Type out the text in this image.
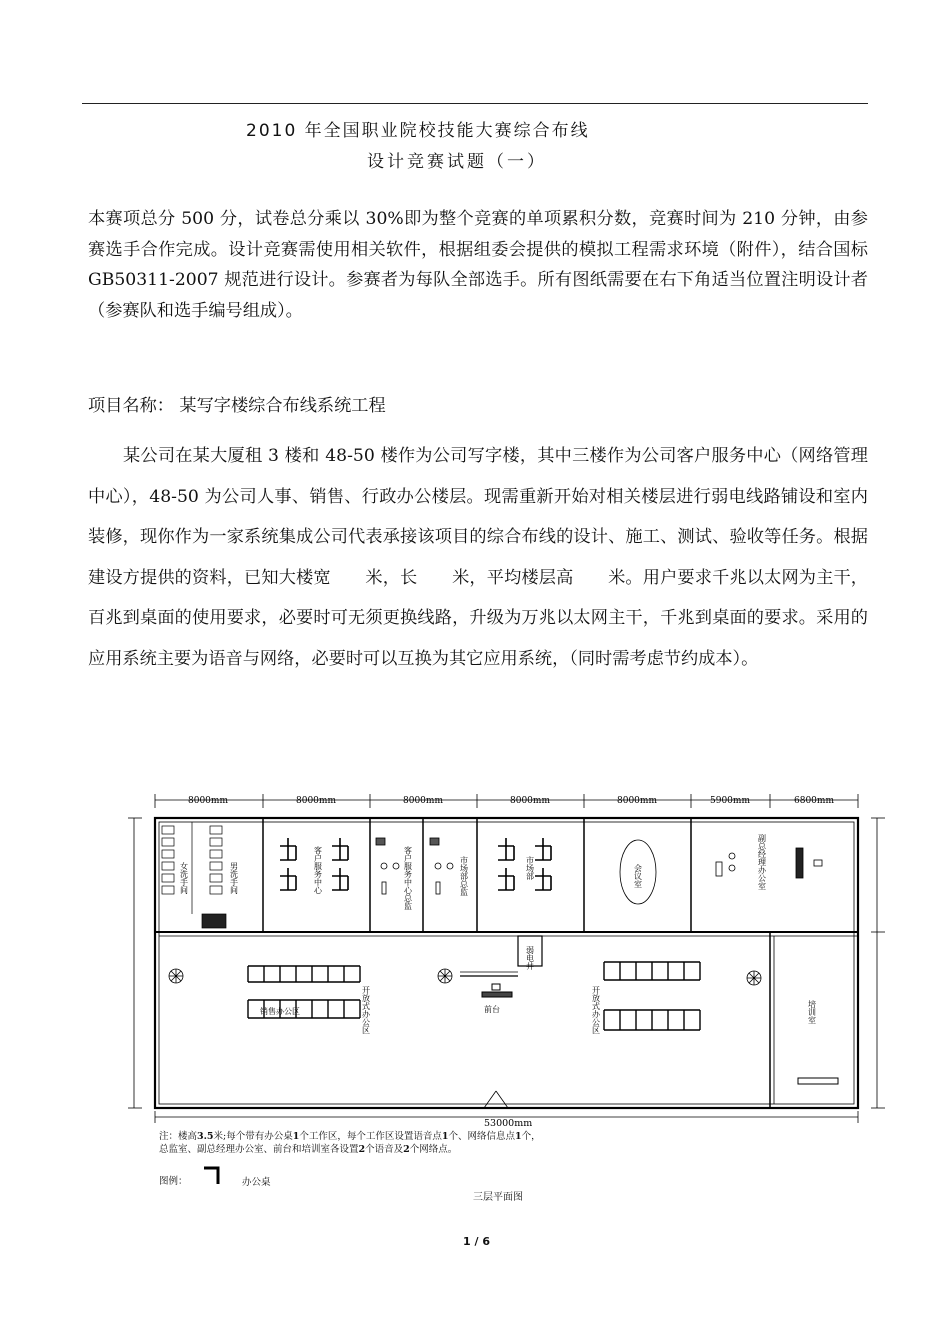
2010 年全国职业院校技能大赛综合布线
设计竞赛试题（一）
本赛项总分 500 分，试卷总分乘以 30%即为整个竞赛的单项累积分数，竞赛时间为 210 分钟，由参赛选手合作完成。设计竞赛需使用相关软件，根据组委会提供的模拟工程需求环境（附件），结合国标 GB50311-2007 规范进行设计。参赛者为每队全部选手。所有图纸需要在右下角适当位置注明设计者（参赛队和选手编号组成）。
项目名称： 某写字楼综合布线系统工程
某公司在某大厦租 3 楼和 48-50 楼作为公司写字楼，其中三楼作为公司客户服务中心（网络管理中心），48-50 为公司人事、销售、行政办公楼层。现需重新开始对相关楼层进行弱电线路铺设和室内装修，现你作为一家系统集成公司代表承接该项目的综合布线的设计、施工、测试、验收等任务。根据建设方提供的资料，已知大楼宽　　米，长　　米，平均楼层高　　米。用户要求千兆以太网为主干，百兆到桌面的使用要求，必要时可无须更换线路，升级为万兆以太网主干，千兆到桌面的要求。采用的应用系统主要为语音与网络，必要时可以互换为其它应用系统，（同时需考虑节约成本）。
8000mm	8000mm	8000mm	8000mm	8000mm	5900mm	6800mm
女洗手间	男洗手间	客户服务中心	客户服务中心总监	市场部总监	市场部	会议室	副总经理办公室
弱电井
开放式办公区
销售办公区	开放式办公区
前台	培训室
53000mm
注：楼高3.5米;每个带有办公桌1个工作区，每个工作区设置语音点1个、网络信息点1个，
总监室、副总经理办公室、前台和培训室各设置2个语音及2个网络点。
图例：	办公桌
三层平面图
1 / 6
